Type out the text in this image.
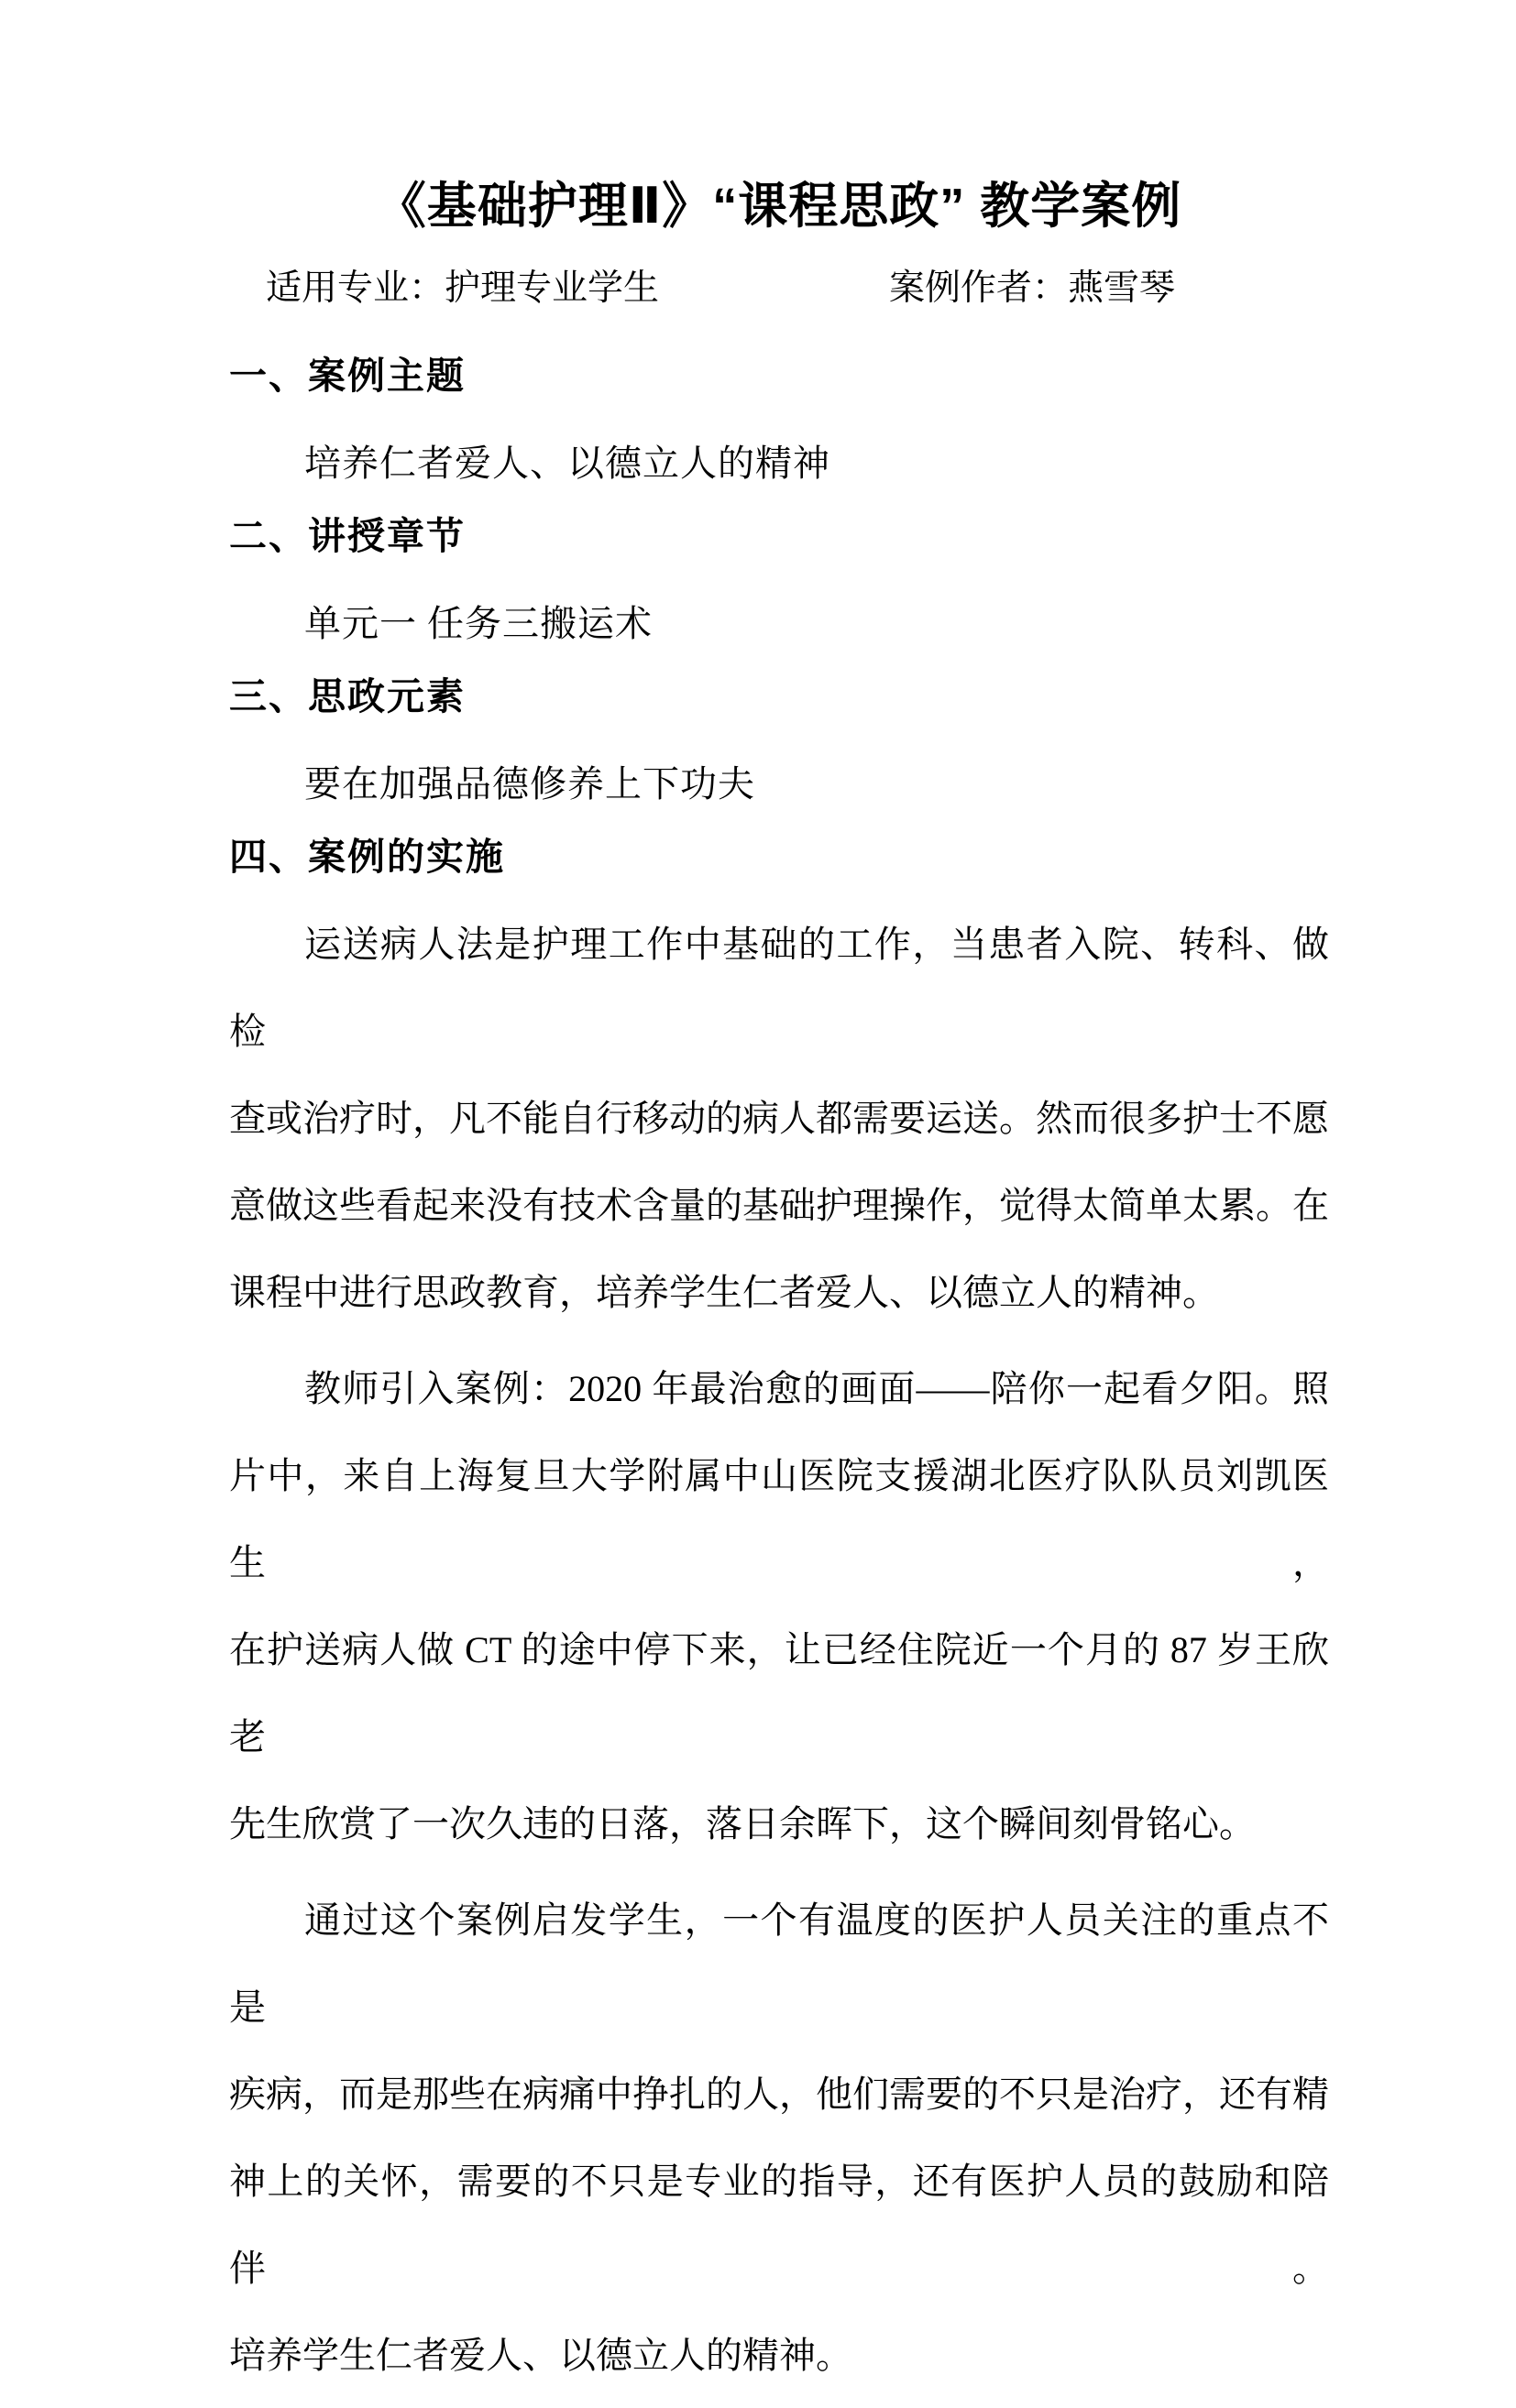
《基础护理Ⅱ》“课程思政” 教学案例
适用专业：护理专业学生	案例作者：燕雪琴
一、案例主题
培养仁者爱人、以德立人的精神
二、讲授章节
单元一 任务三搬运术
三、思政元素
要在加强品德修养上下功夫
四、案例的实施
运送病人法是护理工作中基础的工作，当患者入院、转科、做检
查或治疗时，凡不能自行移动的病人都需要运送。然而很多护士不愿
意做这些看起来没有技术含量的基础护理操作，觉得太简单太累。在
课程中进行思政教育，培养学生仁者爱人、以德立人的精神。
教师引入案例：2020 年最治愈的画面——陪你一起看夕阳。照
片中，来自上海复旦大学附属中山医院支援湖北医疗队队员刘凯医生，
在护送病人做 CT 的途中停下来，让已经住院近一个月的 87 岁王欣老
先生欣赏了一次久违的日落，落日余晖下，这个瞬间刻骨铭心。
通过这个案例启发学生，一个有温度的医护人员关注的重点不是
疾病，而是那些在病痛中挣扎的人，他们需要的不只是治疗，还有精
神上的关怀，需要的不只是专业的指导，还有医护人员的鼓励和陪伴。
培养学生仁者爱人、以德立人的精神。
